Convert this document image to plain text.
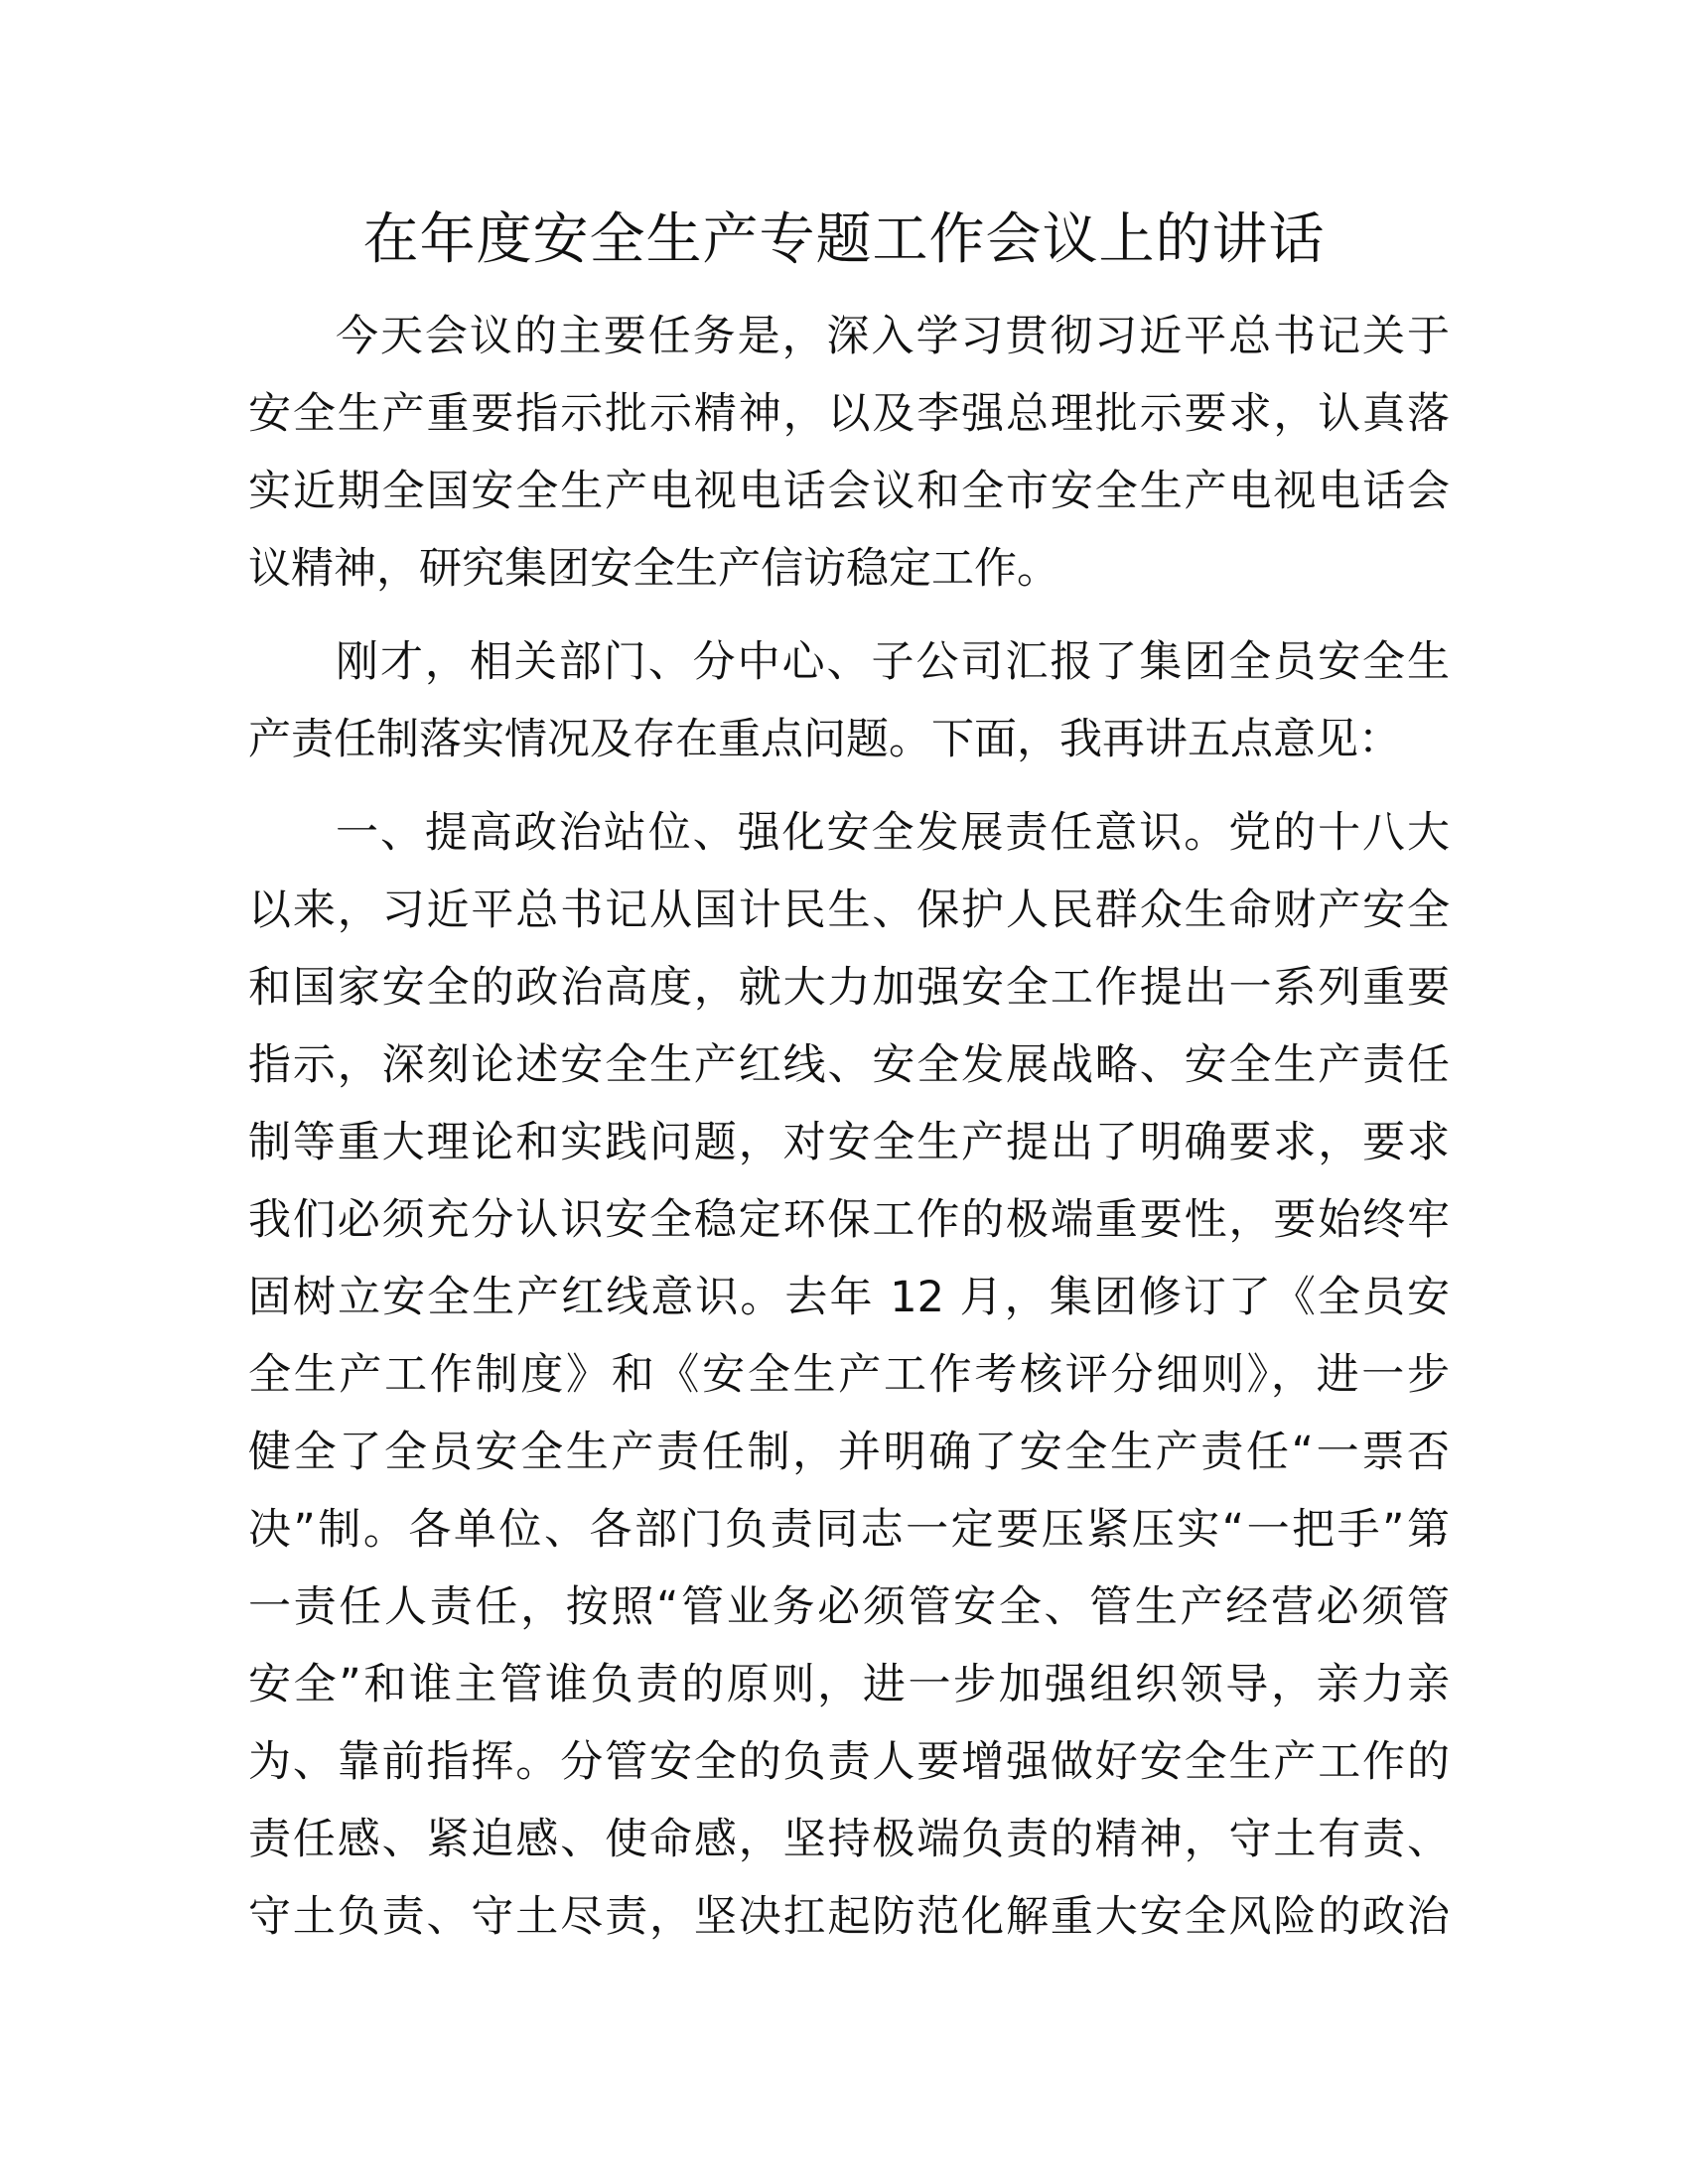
在年度安全生产专题工作会议上的讲话
今天会议的主要任务是，深入学习贯彻习近平总书记关于
安全生产重要指示批示精神，以及李强总理批示要求，认真落
实近期全国安全生产电视电话会议和全市安全生产电视电话会
议精神，研究集团安全生产信访稳定工作。
刚才，相关部门、分中心、子公司汇报了集团全员安全生
产责任制落实情况及存在重点问题。下面，我再讲五点意见：
一、提高政治站位、强化安全发展责任意识。党的十八大
以来，习近平总书记从国计民生、保护人民群众生命财产安全
和国家安全的政治高度，就大力加强安全工作提出一系列重要
指示，深刻论述安全生产红线、安全发展战略、安全生产责任
制等重大理论和实践问题，对安全生产提出了明确要求，要求
我们必须充分认识安全稳定环保工作的极端重要性，要始终牢
固树立安全生产红线意识。去年 12 月，集团修订了《全员安
全生产工作制度》和《安全生产工作考核评分细则》，进一步
健全了全员安全生产责任制，并明确了安全生产责任“一票否
决”制。各单位、各部门负责同志一定要压紧压实“一把手”第
一责任人责任，按照“管业务必须管安全、管生产经营必须管
安全”和谁主管谁负责的原则，进一步加强组织领导，亲力亲
为、靠前指挥。分管安全的负责人要增强做好安全生产工作的
责任感、紧迫感、使命感，坚持极端负责的精神，守土有责、
守土负责、守土尽责，坚决扛起防范化解重大安全风险的政治
